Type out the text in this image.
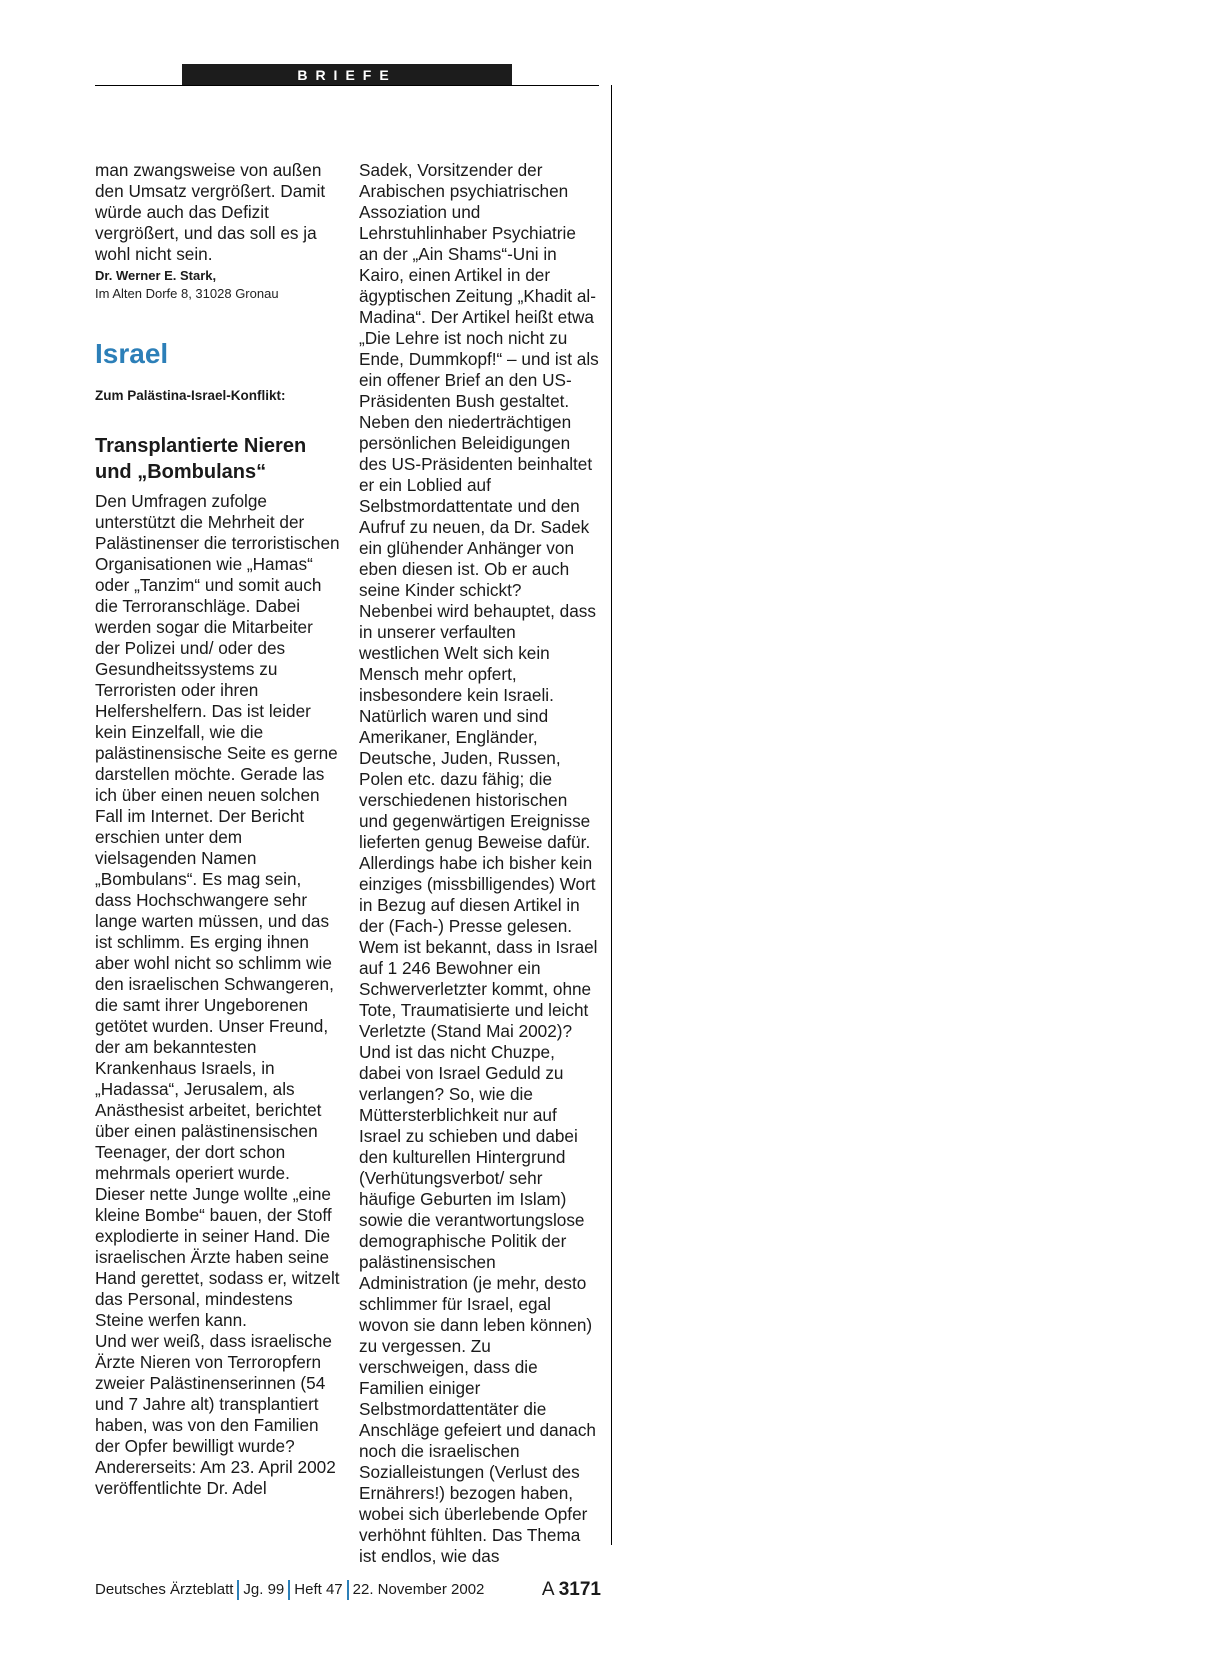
BRIEFE

man zwangsweise von außen den Umsatz vergrößert. Damit würde auch das Defizit vergrößert, und das soll es ja wohl nicht sein.

Dr. Werner E. Stark,
Im Alten Dorfe 8, 31028 Gronau
Israel
Zum Palästina-Israel-Konflikt:
Transplantierte Nieren und „Bombulans“

Den Umfragen zufolge unterstützt die Mehrheit der Palästinenser die terroristischen Organisationen wie „Hamas“ oder „Tanzim“ und somit auch die Terroranschläge. Dabei werden sogar die Mitarbeiter der Polizei und/ oder des Gesundheitssystems zu Terroristen oder ihren Helfershelfern. Das ist leider kein Einzelfall, wie die palästinensische Seite es gerne darstellen möchte. Gerade las ich über einen neuen solchen Fall im Internet. Der Bericht erschien unter dem vielsagenden Namen „Bombulans“. Es mag sein, dass Hochschwangere sehr lange warten müssen, und das ist schlimm. Es erging ihnen aber wohl nicht so schlimm wie den israelischen Schwangeren, die samt ihrer Ungeborenen getötet wurden. Unser Freund, der am bekanntesten Krankenhaus Israels, in „Hadassa“, Jerusalem, als Anästhesist arbeitet, berichtet über einen palästinensischen Teenager, der dort schon mehrmals operiert wurde. Dieser nette Junge wollte „eine kleine Bombe“ bauen, der Stoff explodierte in seiner Hand. Die israelischen Ärzte haben seine Hand gerettet, sodass er, witzelt das Personal, mindestens Steine werfen kann.

Und wer weiß, dass israelische Ärzte Nieren von Terroropfern zweier Palästinenserinnen (54 und 7 Jahre alt) transplantiert haben, was von den Familien der Opfer bewilligt wurde?

Andererseits: Am 23. April 2002 veröffentlichte Dr. Adel

Sadek, Vorsitzender der Arabischen psychiatrischen Assoziation und Lehrstuhlinhaber Psychiatrie an der „Ain Shams“-Uni in Kairo, einen Artikel in der ägyptischen Zeitung „Khadit al-Madina“. Der Artikel heißt etwa „Die Lehre ist noch nicht zu Ende, Dummkopf!“ – und ist als ein offener Brief an den US-Präsidenten Bush gestaltet. Neben den niederträchtigen persönlichen Beleidigungen des US-Präsidenten beinhaltet er ein Loblied auf Selbstmordattentate und den Aufruf zu neuen, da Dr. Sadek ein glühender Anhänger von eben diesen ist. Ob er auch seine Kinder schickt? Nebenbei wird behauptet, dass in unserer verfaulten westlichen Welt sich kein Mensch mehr opfert, insbesondere kein Israeli. Natürlich waren und sind Amerikaner, Engländer, Deutsche, Juden, Russen, Polen etc. dazu fähig; die verschiedenen historischen und gegenwärtigen Ereignisse lieferten genug Beweise dafür. Allerdings habe ich bisher kein einziges (missbilligendes) Wort in Bezug auf diesen Artikel in der (Fach-) Presse gelesen.

Wem ist bekannt, dass in Israel auf 1 246 Bewohner ein Schwerverletzter kommt, ohne Tote, Traumatisierte und leicht Verletzte (Stand Mai 2002)? Und ist das nicht Chuzpe, dabei von Israel Geduld zu verlangen? So, wie die Müttersterblichkeit nur auf Israel zu schieben und dabei den kulturellen Hintergrund (Verhütungsverbot/ sehr häufige Geburten im Islam) sowie die verantwortungslose demographische Politik der palästinensischen Administration (je mehr, desto schlimmer für Israel, egal wovon sie dann leben können) zu vergessen. Zu verschweigen, dass die Familien einiger Selbstmordattentäter die Anschläge gefeiert und danach noch die israelischen Sozialleistungen (Verlust des Ernährers!) bezogen haben, wobei sich überlebende Opfer verhöhnt fühlten. Das Thema ist endlos, wie das

Deutsches Ärzteblatt Jg. 99 Heft 47 22. November 2002	A 3171
